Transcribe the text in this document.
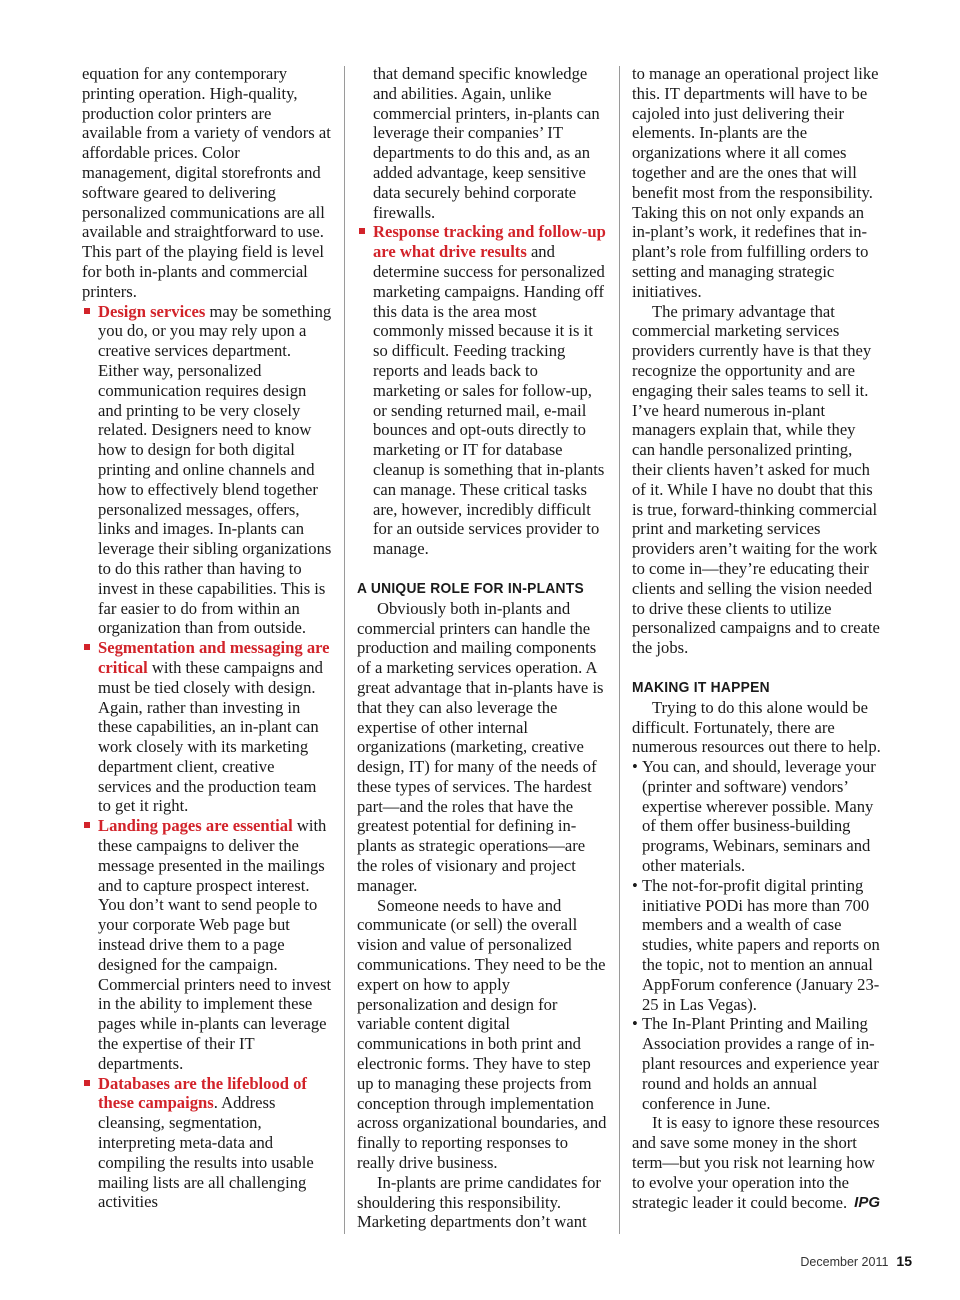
equation for any contemporary printing operation. High-quality, production color printers are available from a variety of vendors at affordable prices. Color management, digital storefronts and software geared to delivering personalized communications are all available and straightforward to use. This part of the playing field is level for both in-plants and commercial printers.

Design services may be something you do, or you may rely upon a creative services department. Either way, personalized communication requires design and printing to be very closely related. Designers need to know how to design for both digital printing and online channels and how to effectively blend together personalized messages, offers, links and images. In-plants can leverage their sibling organizations to do this rather than having to invest in these capabilities. This is far easier to do from within an organization than from outside.

Segmentation and messaging are critical with these campaigns and must be tied closely with design. Again, rather than investing in these capabilities, an in-plant can work closely with its marketing department client, creative services and the production team to get it right.

Landing pages are essential with these campaigns to deliver the message presented in the mailings and to capture prospect interest. You don’t want to send people to your corporate Web page but instead drive them to a page designed for the campaign. Commercial printers need to invest in the ability to implement these pages while in-plants can leverage the expertise of their IT departments.

Databases are the lifeblood of these campaigns. Address cleansing, segmentation, interpreting meta-data and compiling the results into usable mailing lists are all challenging activities

that demand specific knowledge and abilities. Again, unlike commercial printers, in-plants can leverage their companies’ IT departments to do this and, as an added advantage, keep sensitive data securely behind corporate firewalls.

Response tracking and follow-up are what drive results and determine success for personalized marketing campaigns. Handing off this data is the area most commonly missed because it is it so difficult. Feeding tracking reports and leads back to marketing or sales for follow-up, or sending returned mail, e-mail bounces and opt-outs directly to marketing or IT for database cleanup is something that in-plants can manage. These critical tasks are, however, incredibly difficult for an outside services provider to manage.

A UNIQUE ROLE FOR IN-PLANTS

Obviously both in-plants and commercial printers can handle the production and mailing components of a marketing services operation. A great advantage that in-plants have is that they can also leverage the expertise of other internal organizations (marketing, creative design, IT) for many of the needs of these types of services. The hardest part—and the roles that have the greatest potential for defining in-plants as strategic operations—are the roles of visionary and project manager.

Someone needs to have and communicate (or sell) the overall vision and value of personalized communications. They need to be the expert on how to apply personalization and design for variable content digital communications in both print and electronic forms. They have to step up to managing these projects from conception through implementation across organizational boundaries, and finally to reporting responses to really drive business.

In-plants are prime candidates for shouldering this responsibility. Marketing departments don’t want

to manage an operational project like this. IT departments will have to be cajoled into just delivering their elements. In-plants are the organizations where it all comes together and are the ones that will benefit most from the responsibility. Taking this on not only expands an in-plant’s work, it redefines that in-plant’s role from fulfilling orders to setting and managing strategic initiatives.

The primary advantage that commercial marketing services providers currently have is that they recognize the opportunity and are engaging their sales teams to sell it. I’ve heard numerous in-plant managers explain that, while they can handle personalized printing, their clients haven’t asked for much of it. While I have no doubt that this is true, forward-thinking commercial print and marketing services providers aren’t waiting for the work to come in—they’re educating their clients and selling the vision needed to drive these clients to utilize personalized campaigns and to create the jobs.

MAKING IT HAPPEN

Trying to do this alone would be difficult. Fortunately, there are numerous resources out there to help.

• You can, and should, leverage your (printer and software) vendors’ expertise wherever possible. Many of them offer business-building programs, Webinars, seminars and other materials.

• The not-for-profit digital printing initiative PODi has more than 700 members and a wealth of case studies, white papers and reports on the topic, not to mention an annual AppForum conference (January 23-25 in Las Vegas).

• The In-Plant Printing and Mailing Association provides a range of in-plant resources and experience year round and holds an annual conference in June.

It is easy to ignore these resources and save some money in the short term—but you risk not learning how to evolve your operation into the strategic leader it could become. IPG

December 2011 15
